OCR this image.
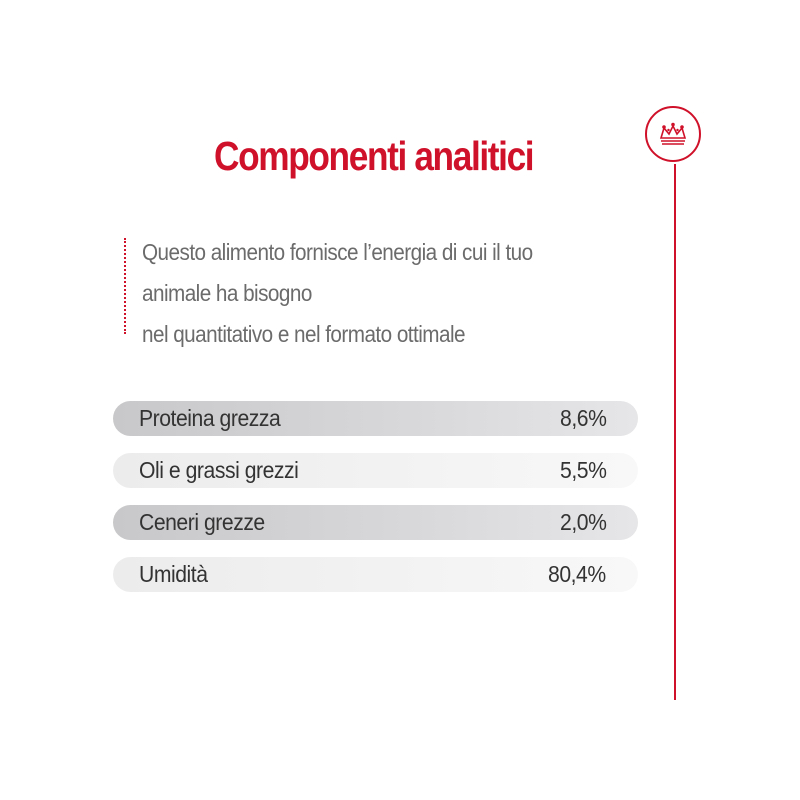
Componenti analitici

Questo alimento fornisce l’energia di cui il tuo

animale ha bisogno

nel quantitativo e nel formato ottimale

Proteina grezza	8,6%
Oli e grassi grezzi	5,5%
Ceneri grezze	2,0%
Umidità	80,4%
